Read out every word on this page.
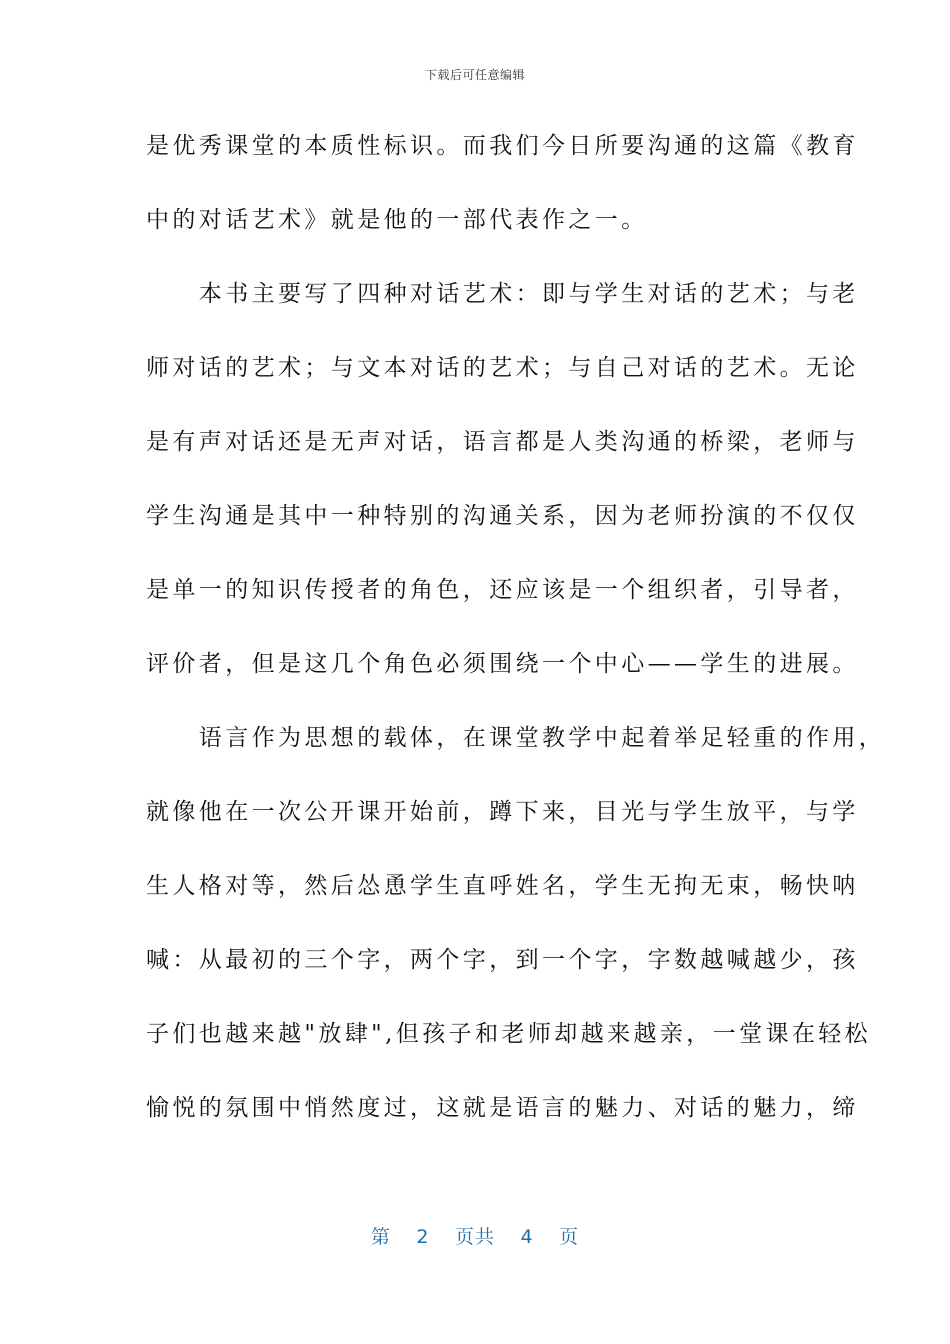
下载后可任意编辑
是优秀课堂的本质性标识。而我们今日所要沟通的这篇《教育
中的对话艺术》就是他的一部代表作之一。
　　本书主要写了四种对话艺术：即与学生对话的艺术；与老
师对话的艺术；与文本对话的艺术；与自己对话的艺术。无论
是有声对话还是无声对话，语言都是人类沟通的桥梁，老师与
学生沟通是其中一种特别的沟通关系，因为老师扮演的不仅仅
是单一的知识传授者的角色，还应该是一个组织者，引导者，
评价者，但是这几个角色必须围绕一个中心——学生的进展。
　　语言作为思想的载体，在课堂教学中起着举足轻重的作用，
就像他在一次公开课开始前，蹲下来，目光与学生放平，与学
生人格对等，然后怂恿学生直呼姓名，学生无拘无束，畅快呐
喊：从最初的三个字，两个字，到一个字，字数越喊越少，孩
子们也越来越"放肆",但孩子和老师却越来越亲，一堂课在轻松
愉悦的氛围中悄然度过，这就是语言的魅力、对话的魅力，缔
第 2 页共 4 页
